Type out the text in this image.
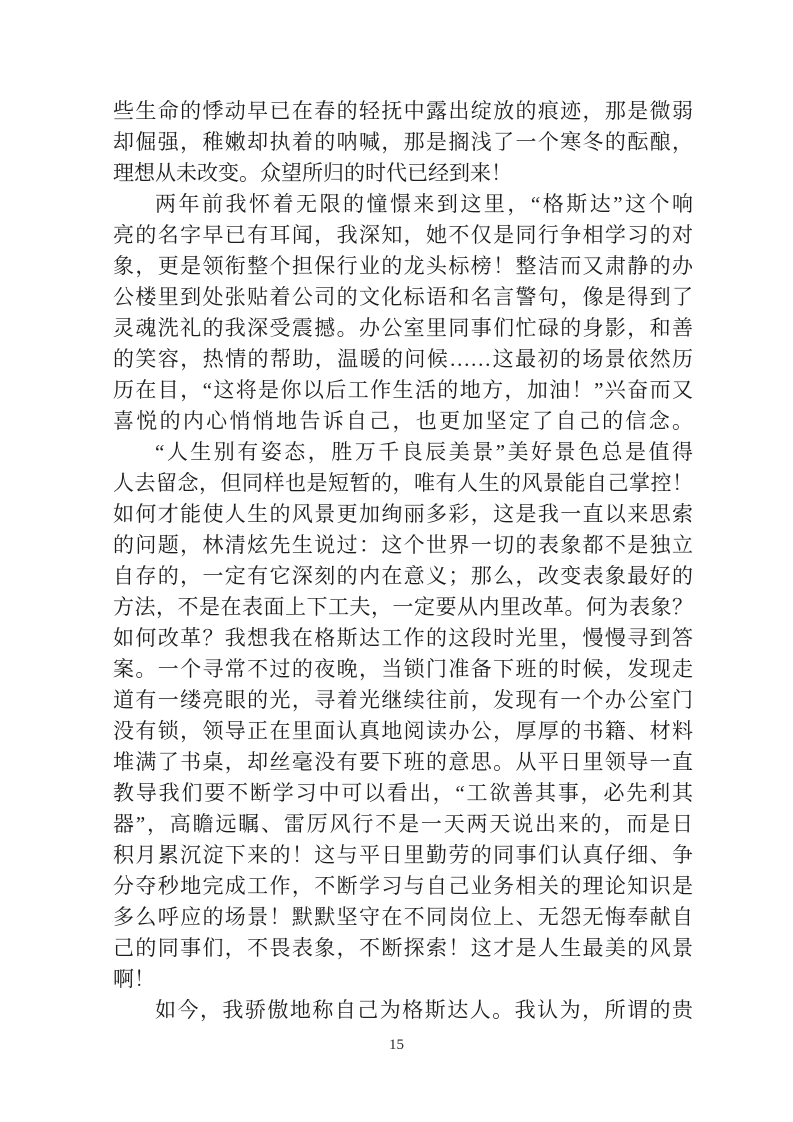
些生命的悸动早已在春的轻抚中露出绽放的痕迹，那是微弱
却倔强，稚嫩却执着的呐喊，那是搁浅了一个寒冬的酝酿，
理想从未改变。众望所归的时代已经到来！
两年前我怀着无限的憧憬来到这里，“格斯达”这个响
亮的名字早已有耳闻，我深知，她不仅是同行争相学习的对
象，更是领衔整个担保行业的龙头标榜！整洁而又肃静的办
公楼里到处张贴着公司的文化标语和名言警句，像是得到了
灵魂洗礼的我深受震撼。办公室里同事们忙碌的身影，和善
的笑容，热情的帮助，温暖的问候……这最初的场景依然历
历在目，“这将是你以后工作生活的地方，加油！”兴奋而又
喜悦的内心悄悄地告诉自己，也更加坚定了自己的信念。
“人生别有姿态，胜万千良辰美景”美好景色总是值得
人去留念，但同样也是短暂的，唯有人生的风景能自己掌控！
如何才能使人生的风景更加绚丽多彩，这是我一直以来思索
的问题，林清炫先生说过：这个世界一切的表象都不是独立
自存的，一定有它深刻的内在意义；那么，改变表象最好的
方法，不是在表面上下工夫，一定要从内里改革。何为表象？
如何改革？我想我在格斯达工作的这段时光里，慢慢寻到答
案。一个寻常不过的夜晚，当锁门准备下班的时候，发现走
道有一缕亮眼的光，寻着光继续往前，发现有一个办公室门
没有锁，领导正在里面认真地阅读办公，厚厚的书籍、材料
堆满了书桌，却丝毫没有要下班的意思。从平日里领导一直
教导我们要不断学习中可以看出，“工欲善其事，必先利其
器”，高瞻远瞩、雷厉风行不是一天两天说出来的，而是日
积月累沉淀下来的！这与平日里勤劳的同事们认真仔细、争
分夺秒地完成工作，不断学习与自己业务相关的理论知识是
多么呼应的场景！默默坚守在不同岗位上、无怨无悔奉献自
己的同事们，不畏表象，不断探索！这才是人生最美的风景
啊！
如今，我骄傲地称自己为格斯达人。我认为，所谓的贵
15
